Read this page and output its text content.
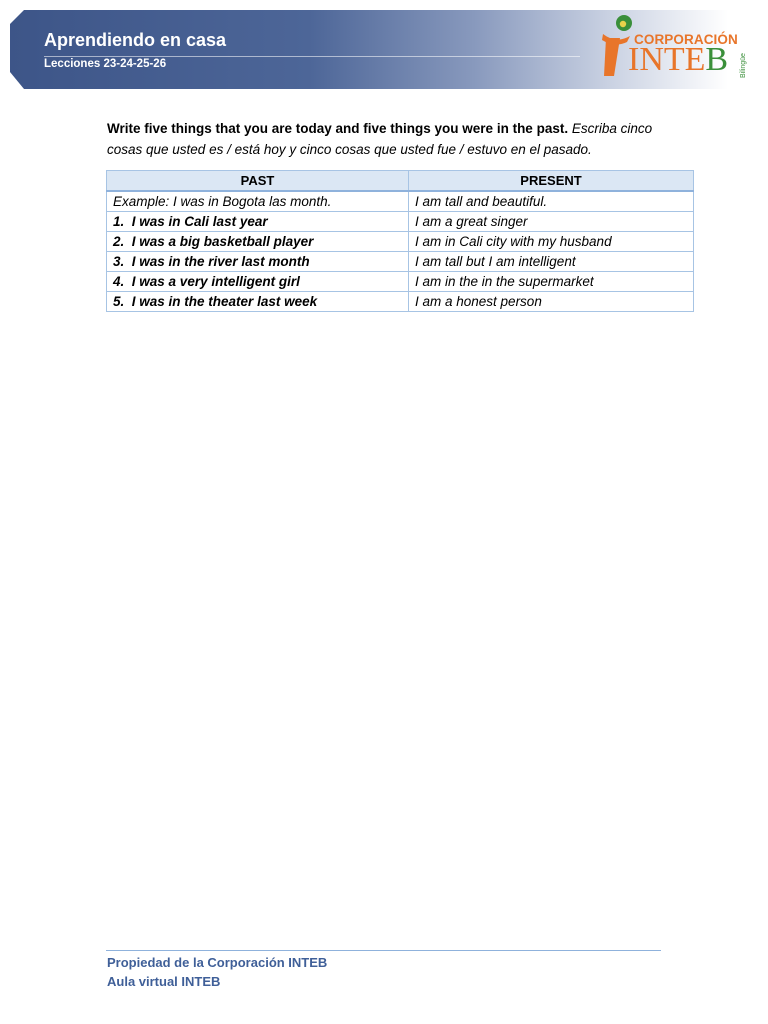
Aprendiendo en casa
Lecciones 23-24-25-26
CORPORACIÓN
INTEB Bilingüe
Write five things that you are today and five things you were in the past. Escriba cinco cosas que usted es / está hoy y cinco cosas que usted fue / estuvo en el pasado.
PAST	PRESENT
Example: I was in Bogota las month.	I am tall and beautiful.
1. I was in Cali last year	I am a great singer
2. I was a big basketball player	I am in Cali city with my husband
3. I was in the river last month	I am tall but I am intelligent
4. I was a very intelligent girl	I am in the in the supermarket
5. I was in the theater last week	I am a honest person
Propiedad de la Corporación INTEB
Aula virtual INTEB
